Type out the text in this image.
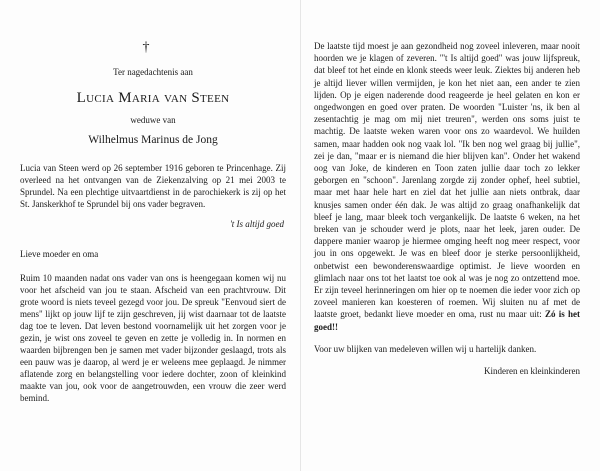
†
Ter nagedachtenis aan
Lucia Maria van Steen
weduwe van
Wilhelmus Marinus de Jong
Lucia van Steen werd op 26 september 1916 geboren te Princenhage. Zij overleed na het ontvangen van de Ziekenzalving op 21 mei 2003 te Sprundel. Na een plechtige uitvaartdienst in de parochiekerk is zij op het St. Janskerkhof te Sprundel bij ons vader begraven.
't Is altijd goed
Lieve moeder en oma
Ruim 10 maanden nadat ons vader van ons is heengegaan komen wij nu voor het afscheid van jou te staan. Afscheid van een prachtvrouw. Dit grote woord is niets teveel gezegd voor jou. De spreuk "Eenvoud siert de mens" lijkt op jouw lijf te zijn geschreven, jij wist daarnaar tot de laatste dag toe te leven. Dat leven bestond voornamelijk uit het zorgen voor je gezin, je wist ons zoveel te geven en zette je volledig in. In normen en waarden bijbrengen ben je samen met vader bijzonder geslaagd, trots als een pauw was je daarop, al werd je er weleens mee geplaagd. Je nimmer aflatende zorg en belangstelling voor iedere dochter, zoon of kleinkind maakte van jou, ook voor de aangetrouwden, een vrouw die zeer werd bemind.
De laatste tijd moest je aan gezondheid nog zoveel inleveren, maar nooit hoorden we je klagen of zeveren. "'t Is altijd goed" was jouw lijfspreuk, dat bleef tot het einde en klonk steeds weer leuk. Ziektes bij anderen heb je altijd liever willen vermijden, je kon het niet aan, een ander te zien lijden. Op je eigen naderende dood reageerde je heel gelaten en kon er ongedwongen en goed over praten. De woorden "Luister 'ns, ik ben al zesentachtig je mag om mij niet treuren", werden ons soms juist te machtig. De laatste weken waren voor ons zo waardevol. We huilden samen, maar hadden ook nog vaak lol. "Ik ben nog wel graag bij jullie", zei je dan, "maar er is niemand die hier blijven kan". Onder het wakend oog van Joke, de kinderen en Toon zaten jullie daar toch zo lekker geborgen en "schoon". Jarenlang zorgde zij zonder ophef, heel subtiel, maar met haar hele hart en ziel dat het jullie aan niets ontbrak, daar knusjes samen onder één dak. Je was altijd zo graag onafhankelijk dat bleef je lang, maar bleek toch vergankelijk. De laatste 6 weken, na het breken van je schouder werd je plots, naar het leek, jaren ouder. De dappere manier waarop je hiermee omging heeft nog meer respect, voor jou in ons opgewekt. Je was en bleef door je sterke persoonlijkheid, onbetwist een bewonderenswaardige optimist. Je lieve woorden en glimlach naar ons tot het laatst toe ook al was je nog zo ontzettend moe. Er zijn teveel herinneringen om hier op te noemen die ieder voor zich op zoveel manieren kan koesteren of roemen. Wij sluiten nu af met de laatste groet, bedankt lieve moeder en oma, rust nu maar uit: Zó is het goed!!
Voor uw blijken van medeleven willen wij u hartelijk danken.
Kinderen en kleinkinderen
